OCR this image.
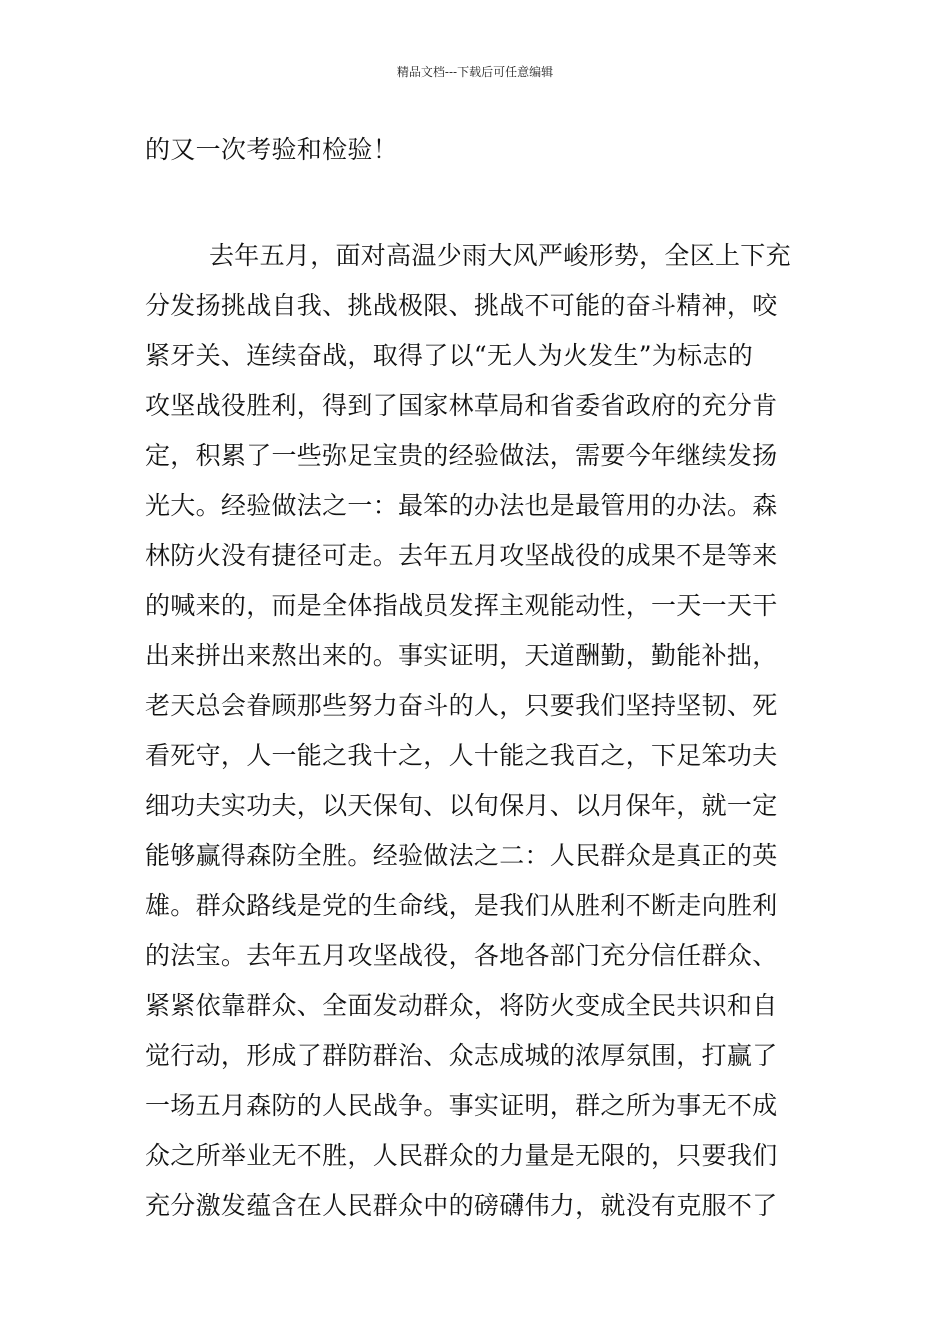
精品文档---下载后可任意编辑
的又一次考验和检验！
去年五月，面对高温少雨大风严峻形势，全区上下充
分发扬挑战自我、挑战极限、挑战不可能的奋斗精神，咬
紧牙关、连续奋战，取得了以“无人为火发生”为标志的
攻坚战役胜利，得到了国家林草局和省委省政府的充分肯
定，积累了一些弥足宝贵的经验做法，需要今年继续发扬
光大。经验做法之一：最笨的办法也是最管用的办法。森
林防火没有捷径可走。去年五月攻坚战役的成果不是等来
的喊来的，而是全体指战员发挥主观能动性，一天一天干
出来拼出来熬出来的。事实证明，天道酬勤，勤能补拙，
老天总会眷顾那些努力奋斗的人，只要我们坚持坚韧、死
看死守，人一能之我十之，人十能之我百之，下足笨功夫
细功夫实功夫，以天保旬、以旬保月、以月保年，就一定
能够赢得森防全胜。经验做法之二：人民群众是真正的英
雄。群众路线是党的生命线，是我们从胜利不断走向胜利
的法宝。去年五月攻坚战役，各地各部门充分信任群众、
紧紧依靠群众、全面发动群众，将防火变成全民共识和自
觉行动，形成了群防群治、众志成城的浓厚氛围，打赢了
一场五月森防的人民战争。事实证明，群之所为事无不成
众之所举业无不胜，人民群众的力量是无限的，只要我们
充分激发蕴含在人民群众中的磅礴伟力，就没有克服不了
